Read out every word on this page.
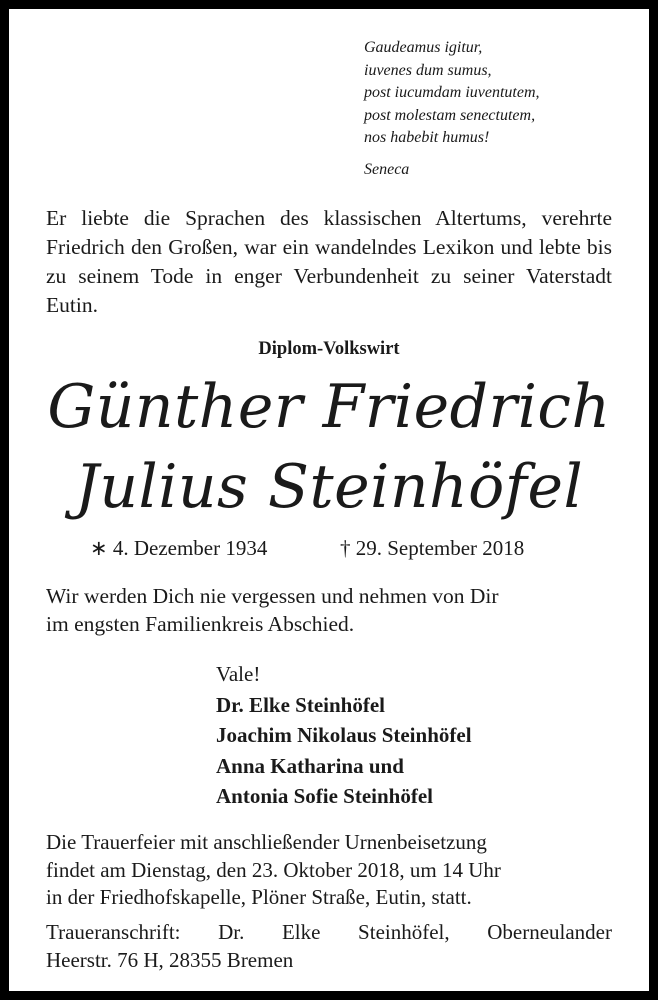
Gaudeamus igitur,
iuvenes dum sumus,
post iucumdam iuventutem,
post molestam senectutem,
nos habebit humus!
Seneca
Er liebte die Sprachen des klassischen Altertums, verehrte Friedrich den Großen, war ein wandelndes Lexikon und lebte bis zu seinem Tode in enger Verbundenheit zu seiner Vaterstadt Eutin.
Diplom-Volkswirt
Günther Friedrich
Julius Steinhöfel
∗ 4. Dezember 1934	† 29. September 2018
Wir werden Dich nie vergessen und nehmen von Dir
im engsten Familienkreis Abschied.
Vale!
Dr. Elke Steinhöfel
Joachim Nikolaus Steinhöfel
Anna Katharina und
Antonia Sofie Steinhöfel
Die Trauerfeier mit anschließender Urnenbeisetzung
findet am Dienstag, den 23. Oktober 2018, um 14 Uhr
in der Friedhofskapelle, Plöner Straße, Eutin, statt.
Traueranschrift: Dr. Elke Steinhöfel, Oberneulander
Heerstr. 76 H, 28355 Bremen
